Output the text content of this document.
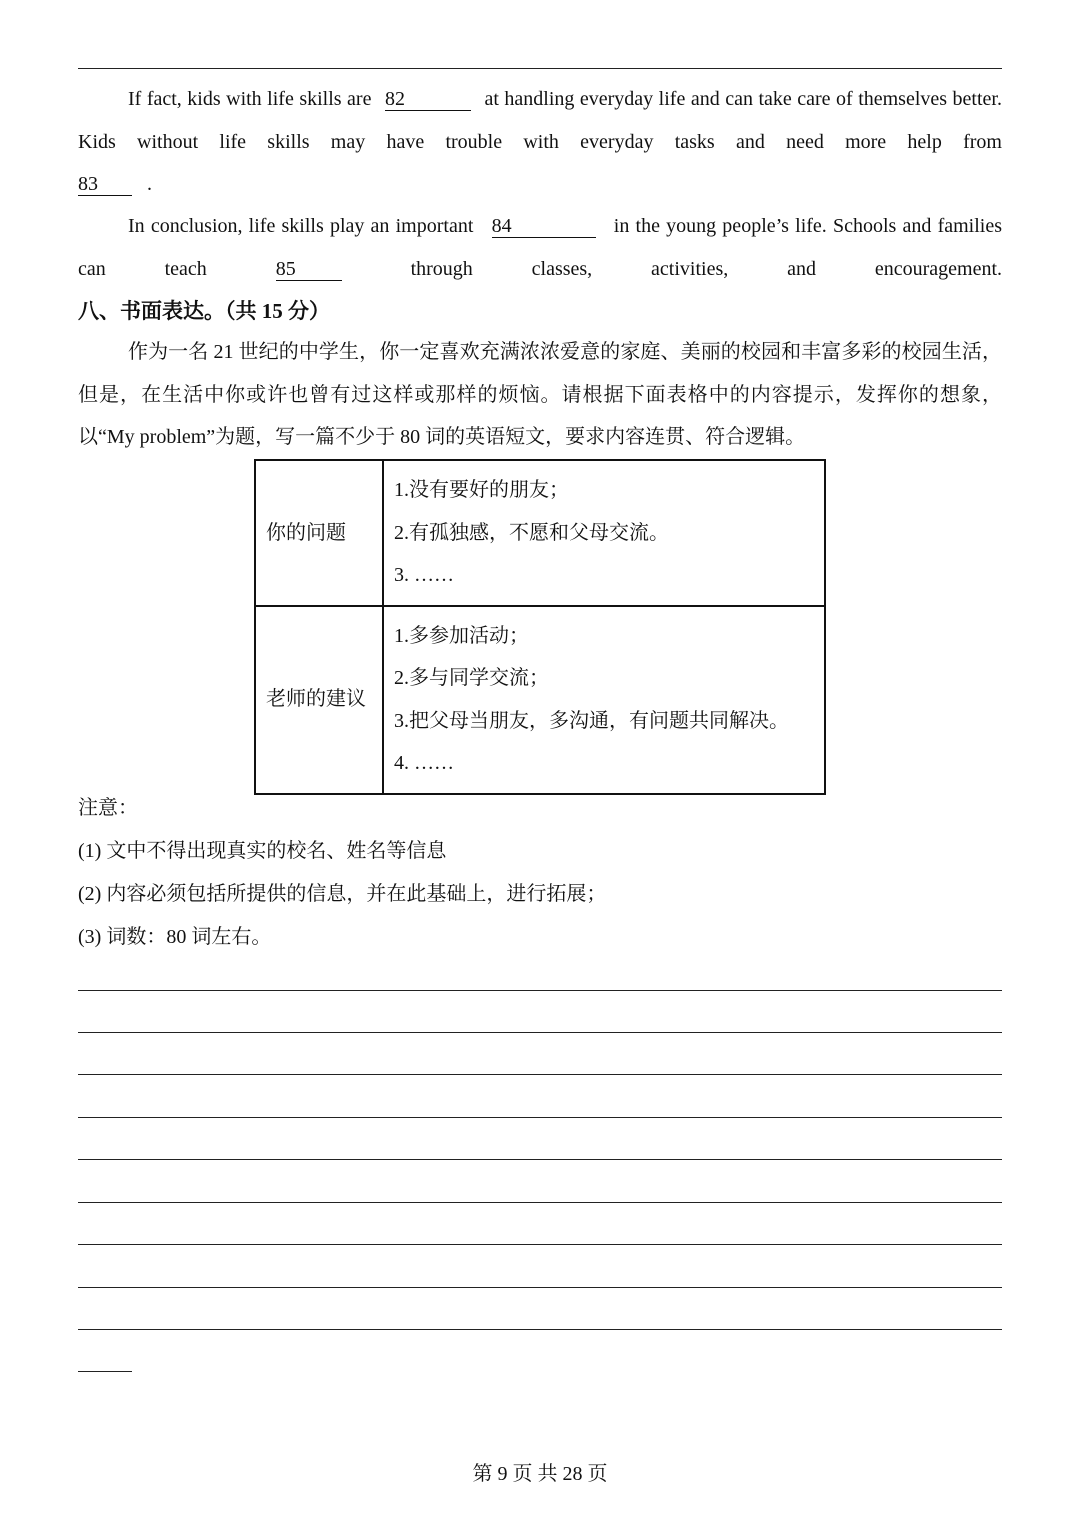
If fact, kids with life skills are 82	at handling everyday life and can take care of themselves better. Kids without life skills may have trouble with everyday tasks and need more help from
83 .

In conclusion, life skills play an important 84	in the young people’s life. Schools and families can teach	85	through classes, activities, and encouragement.

八、书面表达。（共 15 分）

作为一名 21 世纪的中学生，你一定喜欢充满浓浓爱意的家庭、美丽的校园和丰富多彩的校园生活，但是，在生活中你或许也曾有过这样或那样的烦恼。请根据下面表格中的内容提示，发挥你的想象，以“My problem”为题，写一篇不少于 80 词的英语短文，要求内容连贯、符合逻辑。

你的问题	1.没有要好的朋友；
2.有孤独感，不愿和父母交流。
3. ……

老师的建议	1.多参加活动；
2.多与同学交流；
3.把父母当朋友，多沟通，有问题共同解决。
4. ……
注意：
(1) 文中不得出现真实的校名、姓名等信息
(2) 内容必须包括所提供的信息，并在此基础上，进行拓展；
(3) 词数：80 词左右。
第 9 页 共 28 页
